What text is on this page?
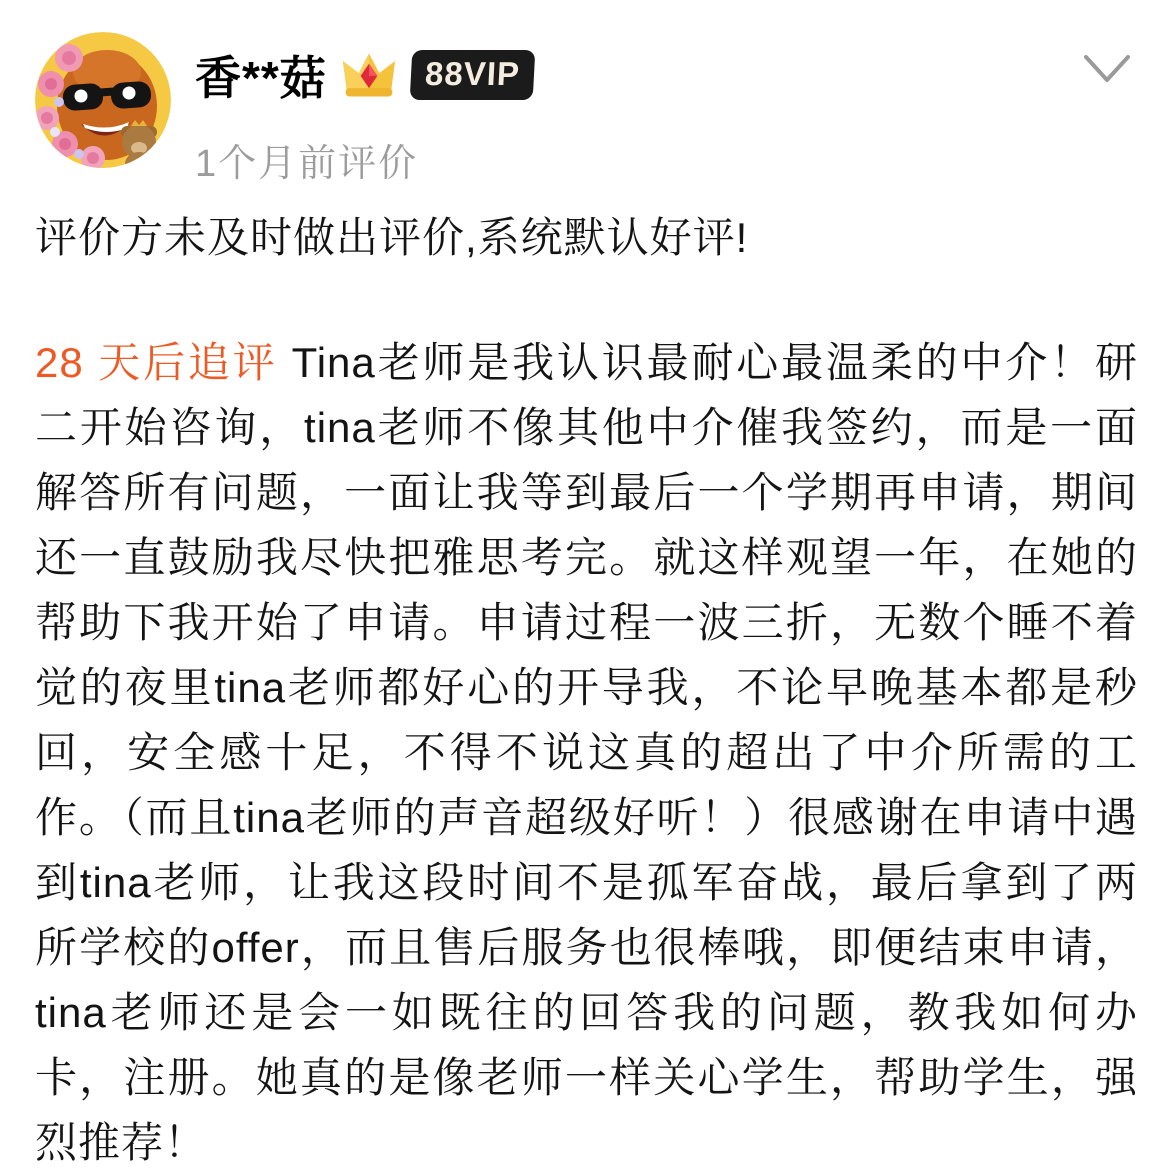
香**菇	88VIP
1个月前评价

评价方未及时做出评价,系统默认好评!

28 天后追评 Tina老师是我认识最耐心最温柔的中介！研二开始咨询，tina老师不像其他中介催我签约，而是一面解答所有问题，一面让我等到最后一个学期再申请，期间还一直鼓励我尽快把雅思考完。就这样观望一年，在她的帮助下我开始了申请。申请过程一波三折，无数个睡不着觉的夜里tina老师都好心的开导我，不论早晚基本都是秒回，安全感十足，不得不说这真的超出了中介所需的工作。（而且tina老师的声音超级好听！）很感谢在申请中遇到tina老师，让我这段时间不是孤军奋战，最后拿到了两所学校的offer，而且售后服务也很棒哦，即便结束申请，tina老师还是会一如既往的回答我的问题，教我如何办卡，注册。她真的是像老师一样关心学生，帮助学生，强烈推荐！
